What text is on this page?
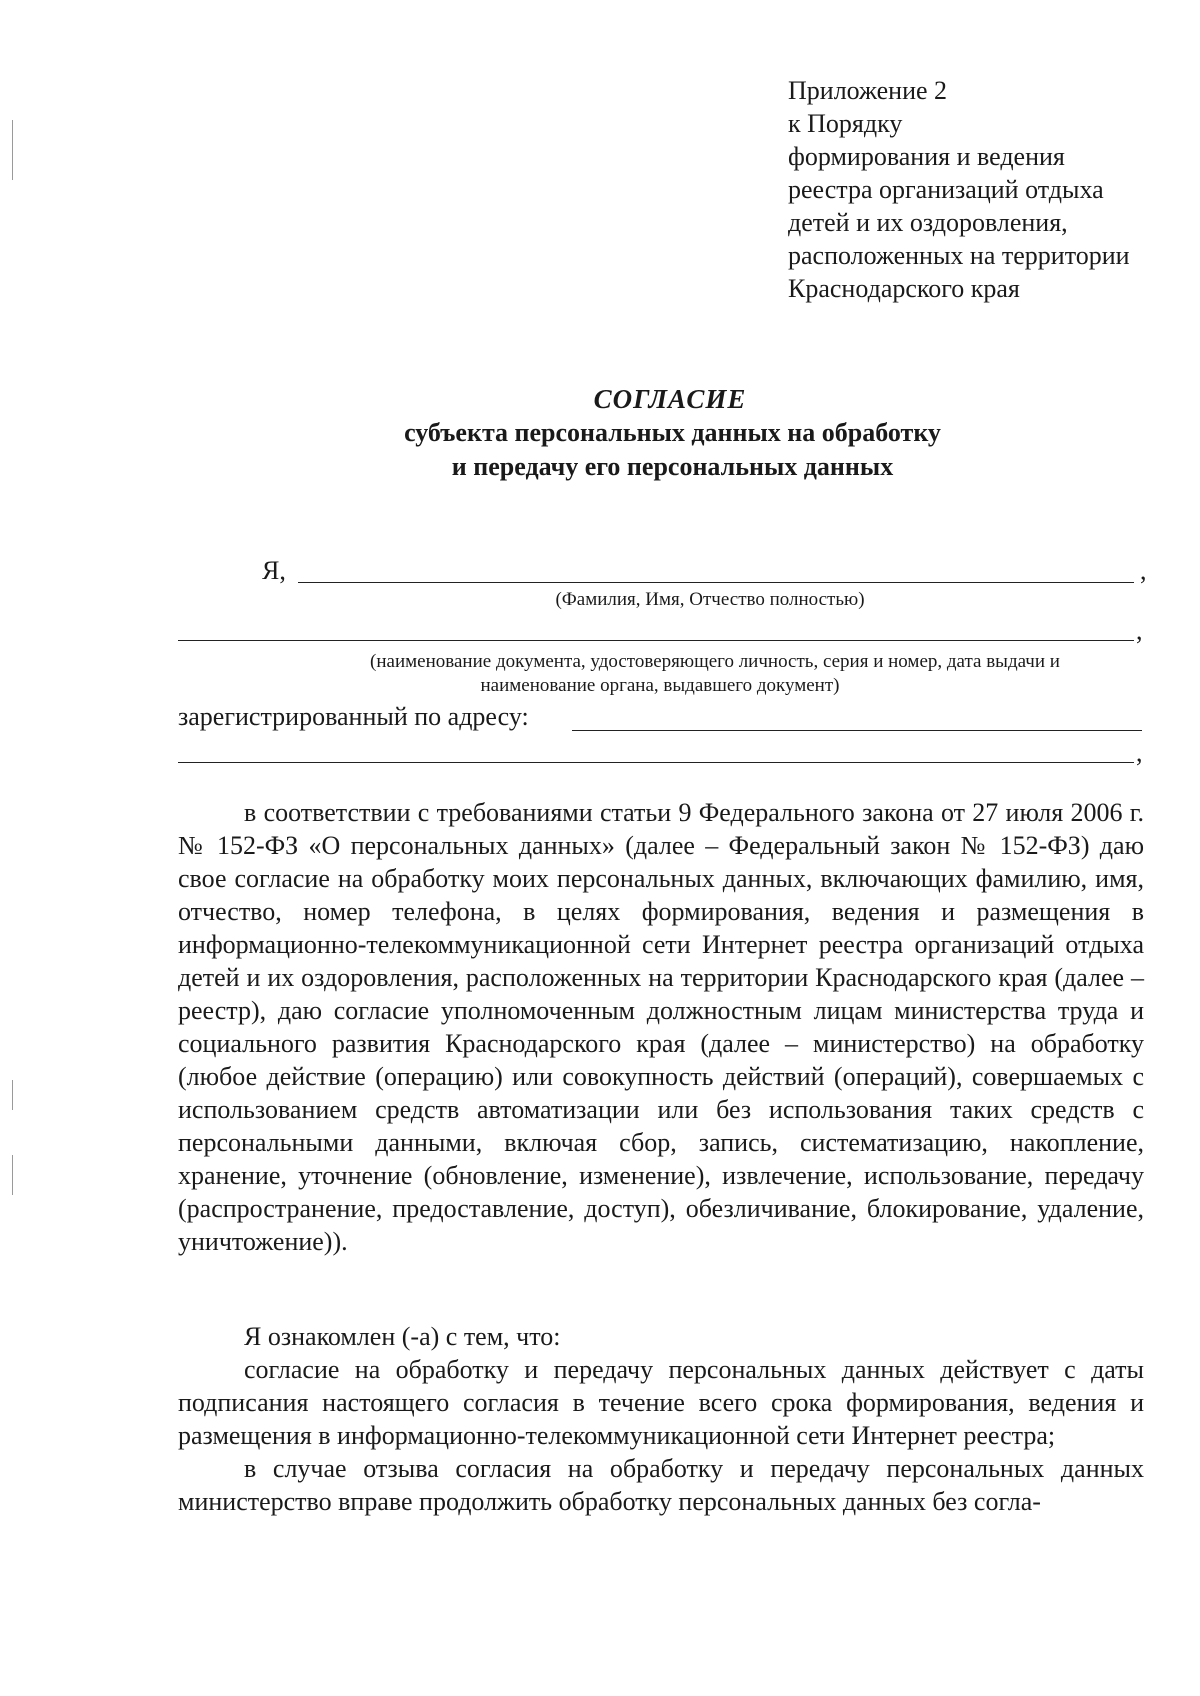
Приложение 2
к Порядку
формирования и ведения
реестра организаций отдыха
детей и их оздоровления,
расположенных на территории
Краснодарского края
СОГЛАСИЕ
субъекта персональных данных на обработку
и передачу его персональных данных
Я,	,
(Фамилия, Имя, Отчество полностью)
,
(наименование документа, удостоверяющего личность, серия и номер, дата выдачи и
наименование органа, выдавшего документ)
зарегистрированный по адресу:
,

в соответствии с требованиями статьи 9 Федерального закона от 27 июля 2006 г. № 152-ФЗ «О персональных данных» (далее – Федеральный закон № 152-ФЗ) даю свое согласие на обработку моих персональных данных, включающих фамилию, имя, отчество, номер телефона, в целях формирования, ведения и размещения в информационно-телекоммуникационной сети Интернет реестра организаций отдыха детей и их оздоровления, расположенных на территории Краснодарского края (далее – реестр), даю согласие уполномоченным должностным лицам министерства труда и социального развития Краснодарского края (далее – министерство) на обработку (любое действие (операцию) или совокупность действий (операций), совершаемых с использованием средств автоматизации или без использования таких средств с персональными данными, включая сбор, запись, систематизацию, накопление, хранение, уточнение (обновление, изменение), извлечение, использование, передачу (распространение, предоставление, доступ), обезличивание, блокирование, удаление, уничтожение)).

Я ознакомлен (-а) с тем, что:

согласие на обработку и передачу персональных данных действует с даты подписания настоящего согласия в течение всего срока формирования, ведения и размещения в информационно-телекоммуникационной сети Интернет реестра;

в случае отзыва согласия на обработку и передачу персональных данных министерство вправе продолжить обработку персональных данных без согла-
